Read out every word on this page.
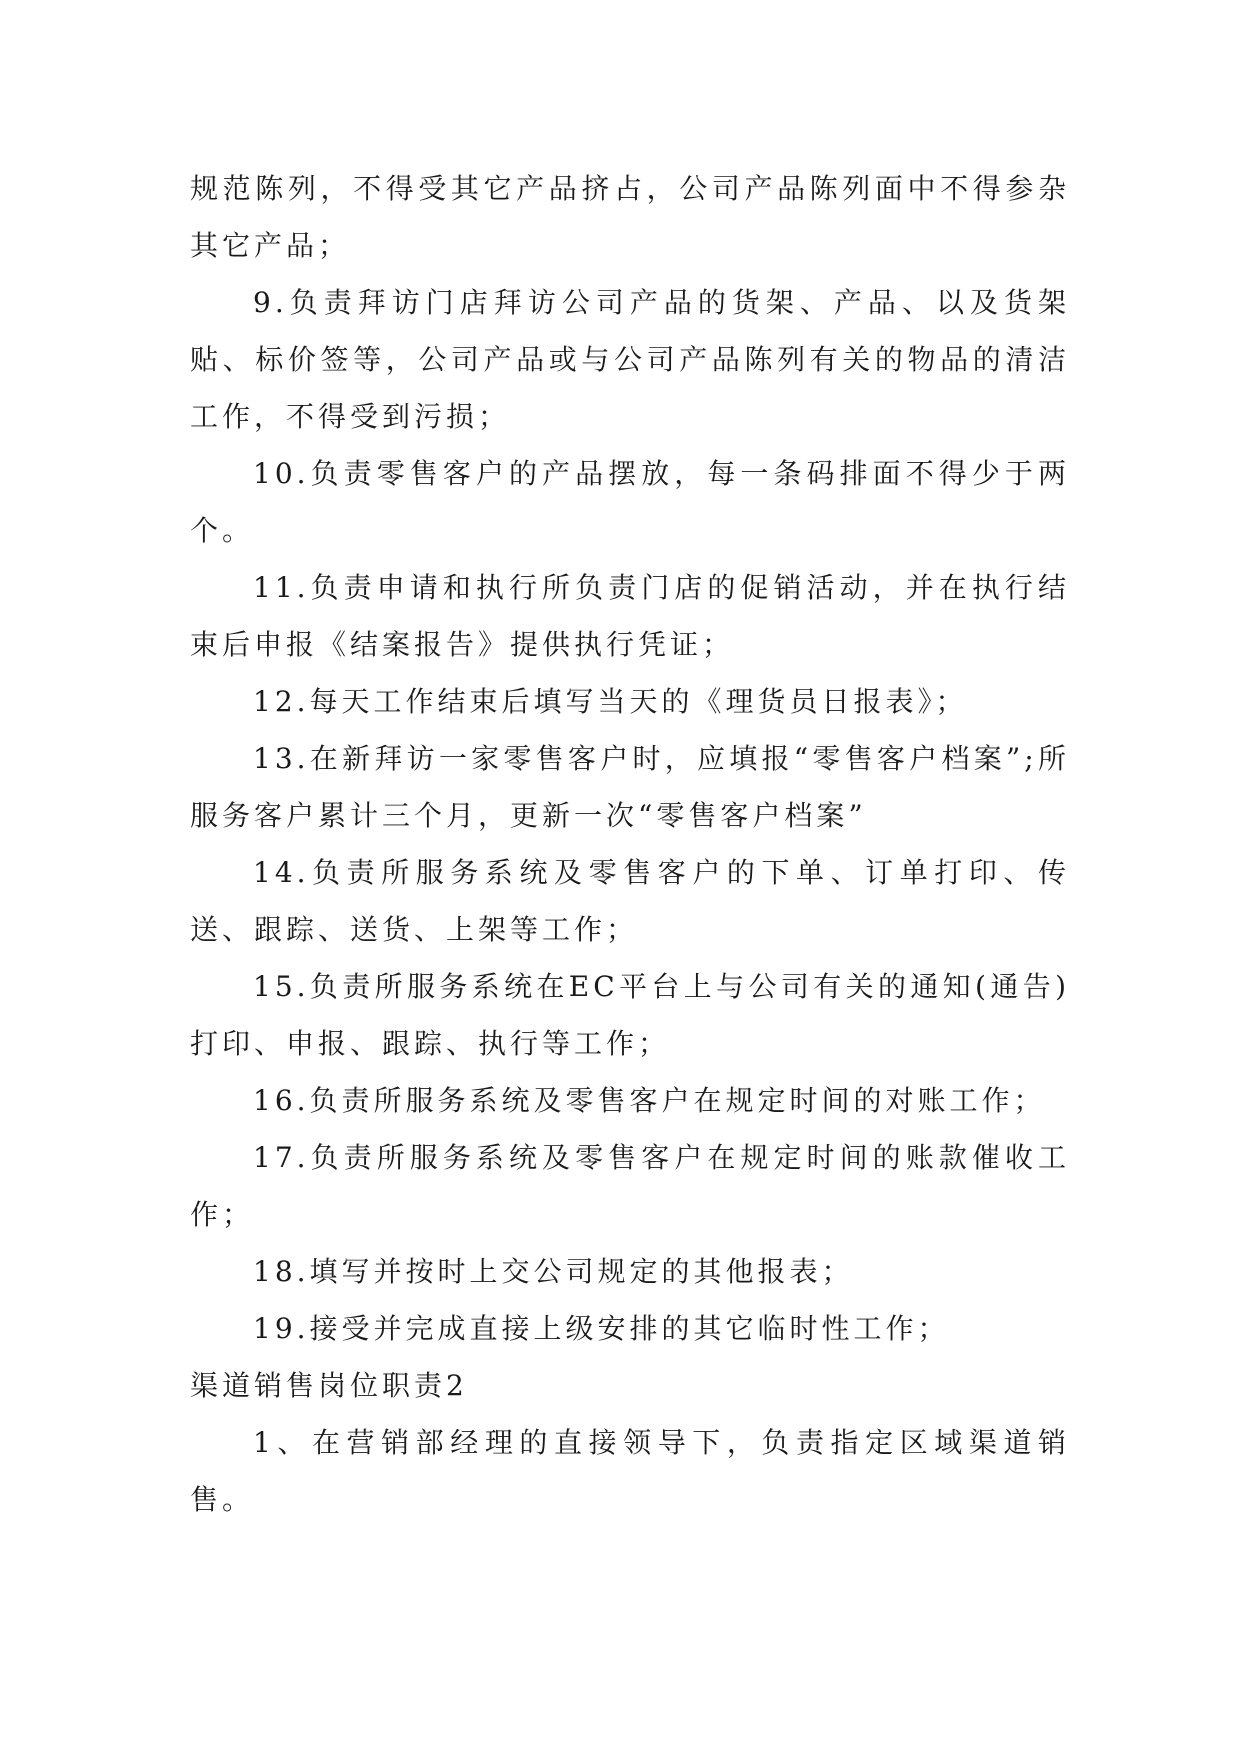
规范陈列，不得受其它产品挤占，公司产品陈列面中不得参杂其它产品；

9.负责拜访门店拜访公司产品的货架、产品、以及货架贴、标价签等，公司产品或与公司产品陈列有关的物品的清洁工作，不得受到污损；

10.负责零售客户的产品摆放，每一条码排面不得少于两个。

11.负责申请和执行所负责门店的促销活动，并在执行结束后申报《结案报告》提供执行凭证；

12.每天工作结束后填写当天的《理货员日报表》；

13.在新拜访一家零售客户时，应填报“零售客户档案”;所服务客户累计三个月，更新一次“零售客户档案”

14.负责所服务系统及零售客户的下单、订单打印、传送、跟踪、送货、上架等工作；

15.负责所服务系统在EC平台上与公司有关的通知(通告)打印、申报、跟踪、执行等工作；

16.负责所服务系统及零售客户在规定时间的对账工作；

17.负责所服务系统及零售客户在规定时间的账款催收工作；

18.填写并按时上交公司规定的其他报表；

19.接受并完成直接上级安排的其它临时性工作；

渠道销售岗位职责2

1、在营销部经理的直接领导下，负责指定区域渠道销售。
